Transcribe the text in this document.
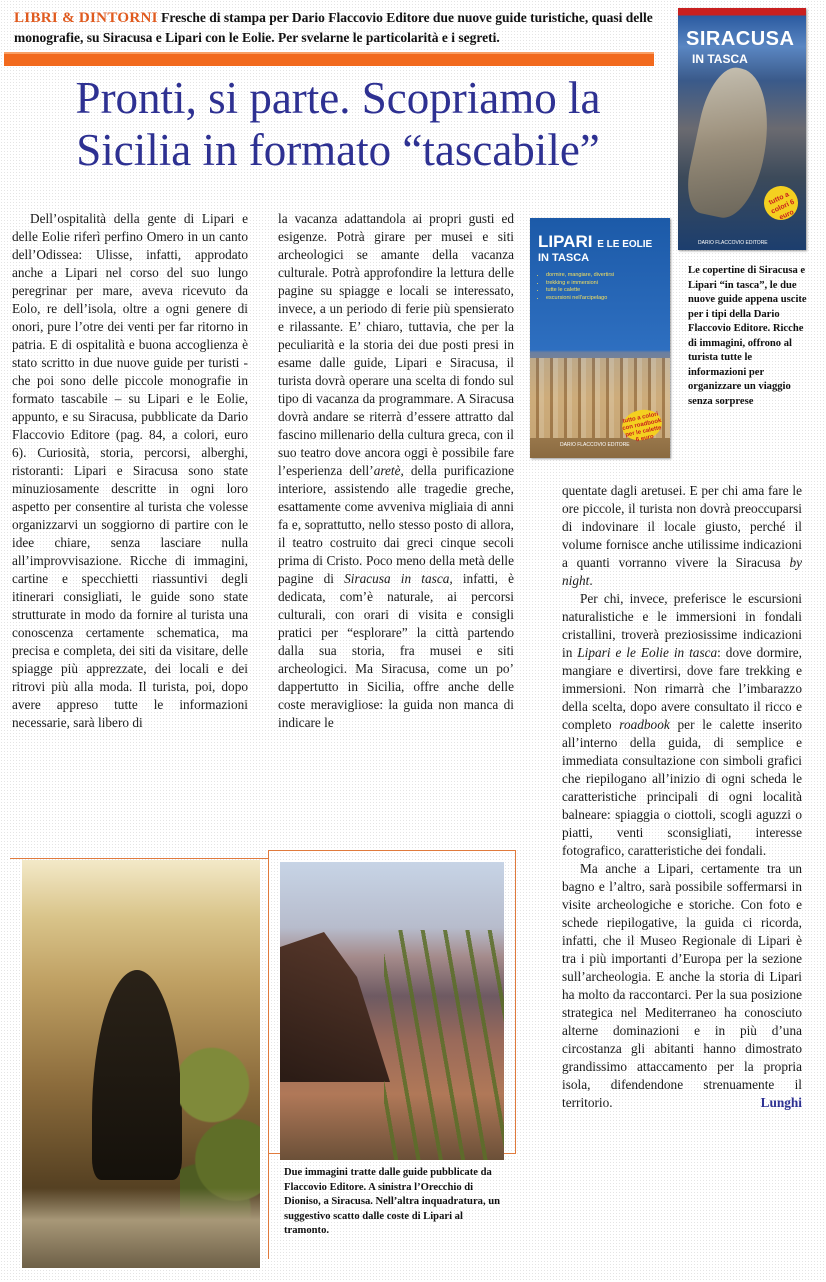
LIBRI & DINTORNI Fresche di stampa per Dario Flaccovio Editore due nuove guide turistiche, quasi delle monografie, su Siracusa e Lipari con le Eolie. Per svelarne le particolarità e i segreti.
Pronti, si parte. Scopriamo la Sicilia in formato “tascabile”

Dell’ospitalità della gente di Lipari e delle Eolie riferì perfino Omero in un canto dell’Odissea: Ulisse, infatti, approdato anche a Lipari nel corso del suo lungo peregrinar per mare, aveva ricevuto da Eolo, re dell’isola, oltre a ogni genere di onori, pure l’otre dei venti per far ritorno in patria. E di ospitalità e buona accoglienza è stato scritto in due nuove guide per turisti - che poi sono delle piccole monografie in formato tascabile – su Lipari e le Eolie, appunto, e su Siracusa, pubblicate da Dario Flaccovio Editore (pag. 84, a colori, euro 6). Curiosità, storia, percorsi, alberghi, ristoranti: Lipari e Siracusa sono state minuziosamente descritte in ogni loro aspetto per consentire al turista che volesse organizzarvi un soggiorno di partire con le idee chiare, senza lasciare nulla all’improvvisazione. Ricche di immagini, cartine e specchietti riassuntivi degli itinerari consigliati, le guide sono state strutturate in modo da fornire al turista una conoscenza certamente schematica, ma precisa e completa, dei siti da visitare, delle spiagge più apprezzate, dei locali e dei ritrovi più alla moda. Il turista, poi, dopo avere appreso tutte le informazioni necessarie, sarà libero di

la vacanza adattandola ai propri gusti ed esigenze. Potrà girare per musei e siti archeologici se amante della vacanza culturale. Potrà approfondire la lettura delle pagine su spiagge e locali se interessato, invece, a un periodo di ferie più spensierato e rilassante. E’ chiaro, tuttavia, che per la peculiarità e la storia dei due posti presi in esame dalle guide, Lipari e Siracusa, il turista dovrà operare una scelta di fondo sul tipo di vacanza da programmare. A Siracusa dovrà andare se riterrà d’essere attratto dal fascino millenario della cultura greca, con il suo teatro dove ancora oggi è possibile fare l’esperienza dell’aretè, della purificazione interiore, assistendo alle tragedie greche, esattamente come avveniva migliaia di anni fa e, soprattutto, nello stesso posto di allora, il teatro costruito dai greci cinque secoli prima di Cristo. Poco meno della metà delle pagine di Siracusa in tasca, infatti, è dedicata, com’è naturale, ai percorsi culturali, con orari di visita e consigli pratici per “esplorare” la città partendo dalla sua storia, fra musei e siti archeologici. Ma Siracusa, come un po’ dappertutto in Sicilia, offre anche delle coste meravigliose: la guida non manca di indicare le

quentate dagli aretusei. E per chi ama fare le ore piccole, il turista non dovrà preoccuparsi di indovinare il locale giusto, perché il volume fornisce anche utilissime indicazioni a quanti vorranno vivere la Siracusa by night.

Per chi, invece, preferisce le escursioni naturalistiche e le immersioni in fondali cristallini, troverà preziosissime indicazioni in Lipari e le Eolie in tasca: dove dormire, mangiare e divertirsi, dove fare trekking e immersioni. Non rimarrà che l’imbarazzo della scelta, dopo avere consultato il ricco e completo roadbook per le calette inserito all’interno della guida, di semplice e immediata consultazione con simboli grafici che riepilogano all’inizio di ogni scheda le caratteristiche principali di ogni località balneare: spiaggia o ciottoli, scogli aguzzi o piatti, venti sconsigliati, interesse fotografico, caratteristiche dei fondali.

Ma anche a Lipari, certamente tra un bagno e l’altro, sarà possibile soffermarsi in visite archeologiche e storiche. Con foto e schede riepilogative, la guida ci ricorda, infatti, che il Museo Regionale di Lipari è tra i più importanti d’Europa per la sezione sull’archeologia. E anche la storia di Lipari ha molto da raccontarci. Per la sua posizione strategica nel Mediterraneo ha conosciuto alterne dominazioni e in più d’una circostanza gli abitanti hanno dimostrato grandissimo attaccamento per la propria isola, difendendone strenuamente il territorio.	Lunghi

SIRACUSA
IN TASCA
tutto a colori 6 euro
DARIO FLACCOVIO EDITORE
LIPARI E LE EOLIE
IN TASCA
• dormire, mangiare, divertirsi
• trekking e immersioni
• tutte le calette
• escursioni nell'arcipelago
tutto a colori con roadbook per le calette 6 euro
DARIO FLACCOVIO EDITORE
Le copertine di Siracusa e Lipari “in tasca”, le due nuove guide appena uscite per i tipi della Dario Flaccovio Editore. Ricche di immagini, offrono al turista tutte le informazioni per organizzare un viaggio senza sorprese
Due immagini tratte dalle guide pubblicate da Flaccovio Editore. A sinistra l’Orecchio di Dioniso, a Siracusa. Nell’altra inquadratura, un suggestivo scatto dalle coste di Lipari al tramonto.
